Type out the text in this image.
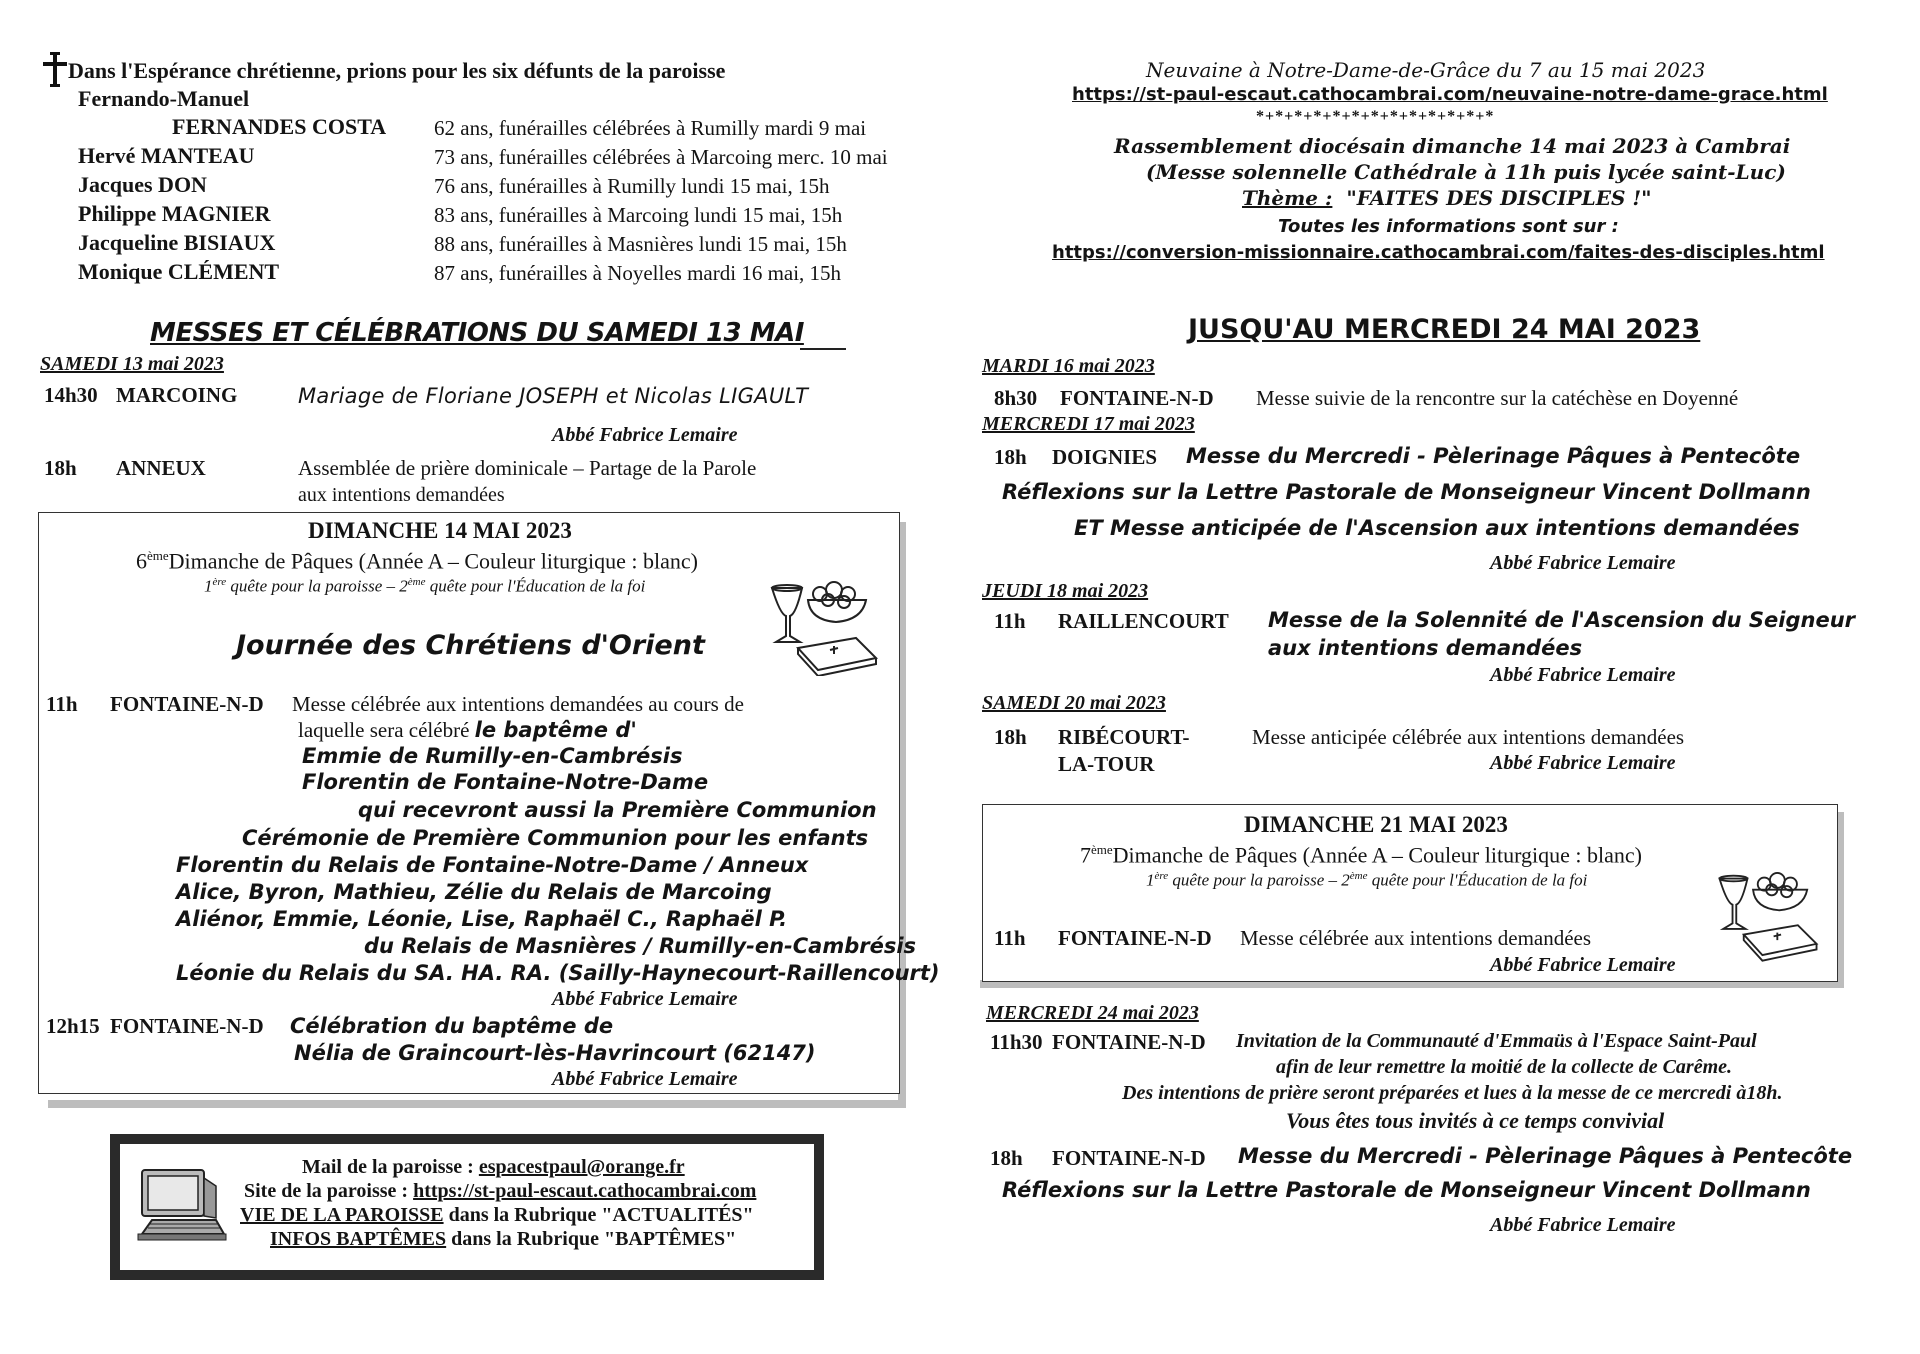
Dans l'Espérance chrétienne, prions pour les six défunts de la paroisse
Fernando-Manuel
FERNANDES COSTA 62 ans, funérailles célébrées à Rumilly mardi 9 mai
Hervé MANTEAU	73 ans, funérailles célébrées à Marcoing merc. 10 mai
Jacques DON	76 ans, funérailles à Rumilly lundi 15 mai, 15h
Philippe MAGNIER	83 ans, funérailles à Marcoing lundi 15 mai, 15h
Jacqueline BISIAUX	88 ans, funérailles à Masnières lundi 15 mai, 15h
Monique CLÉMENT	87 ans, funérailles à Noyelles mardi 16 mai, 15h
MESSES ET CÉLÉBRATIONS DU SAMEDI 13 MAI
SAMEDI 13 mai 2023
14h30 MARCOING	Mariage de Floriane JOSEPH et Nicolas LIGAULT
Abbé Fabrice Lemaire
18h ANNEUX	Assemblée de prière dominicale – Partage de la Parole
aux intentions demandées
DIMANCHE 14 MAI 2023
6èmeDimanche de Pâques (Année A – Couleur liturgique : blanc)
1ère quête pour la paroisse – 2ème quête pour l'Éducation de la foi
Journée des Chrétiens d'Orient
11h FONTAINE-N-D Messe célébrée aux intentions demandées au cours de
laquelle sera célébré le baptême d'
Emmie de Rumilly-en-Cambrésis
Florentin de Fontaine-Notre-Dame
qui recevront aussi la Première Communion
Cérémonie de Première Communion pour les enfants
Florentin du Relais de Fontaine-Notre-Dame / Anneux
Alice, Byron, Mathieu, Zélie du Relais de Marcoing
Aliénor, Emmie, Léonie, Lise, Raphaël C., Raphaël P.
du Relais de Masnières / Rumilly-en-Cambrésis
Léonie du Relais du SA. HA. RA. (Sailly-Haynecourt-Raillencourt)
Abbé Fabrice Lemaire
12h15 FONTAINE-N-D Célébration du baptême de
Nélia de Graincourt-lès-Havrincourt (62147)
Abbé Fabrice Lemaire
Mail de la paroisse : espacestpaul@orange.fr
Site de la paroisse : https://st-paul-escaut.cathocambrai.com
VIE DE LA PAROISSE dans la Rubrique "ACTUALITÉS"
INFOS BAPTÊMES dans la Rubrique "BAPTÊMES"
Neuvaine à Notre-Dame-de-Grâce du 7 au 15 mai 2023
https://st-paul-escaut.cathocambrai.com/neuvaine-notre-dame-grace.html
*+*+*+*+*+*+*+*+*+*+*+*+*
Rassemblement diocésain dimanche 14 mai 2023 à Cambrai
(Messe solennelle Cathédrale à 11h puis lycée saint-Luc)
Thème : "FAITES DES DISCIPLES !"
Toutes les informations sont sur :
https://conversion-missionnaire.cathocambrai.com/faites-des-disciples.html
JUSQU'AU MERCREDI 24 MAI 2023
MARDI 16 mai 2023
8h30 FONTAINE-N-D Messe suivie de la rencontre sur la catéchèse en Doyenné
MERCREDI 17 mai 2023
18h DOIGNIES Messe du Mercredi - Pèlerinage Pâques à Pentecôte
Réflexions sur la Lettre Pastorale de Monseigneur Vincent Dollmann
ET Messe anticipée de l'Ascension aux intentions demandées
Abbé Fabrice Lemaire
JEUDI 18 mai 2023
11h RAILLENCOURT Messe de la Solennité de l'Ascension du Seigneur
aux intentions demandées
Abbé Fabrice Lemaire
SAMEDI 20 mai 2023
18h RIBÉCOURT-
LA-TOUR
Messe anticipée célébrée aux intentions demandées
Abbé Fabrice Lemaire
DIMANCHE 21 MAI 2023
7èmeDimanche de Pâques (Année A – Couleur liturgique : blanc)
1ère quête pour la paroisse – 2ème quête pour l'Éducation de la foi
11h FONTAINE-N-D Messe célébrée aux intentions demandées
Abbé Fabrice Lemaire
MERCREDI 24 mai 2023
11h30 FONTAINE-N-D Invitation de la Communauté d'Emmaüs à l'Espace Saint-Paul
afin de leur remettre la moitié de la collecte de Carême.
Des intentions de prière seront préparées et lues à la messe de ce mercredi à18h.
Vous êtes tous invités à ce temps convivial
18h FONTAINE-N-D Messe du Mercredi - Pèlerinage Pâques à Pentecôte
Réflexions sur la Lettre Pastorale de Monseigneur Vincent Dollmann
Abbé Fabrice Lemaire
